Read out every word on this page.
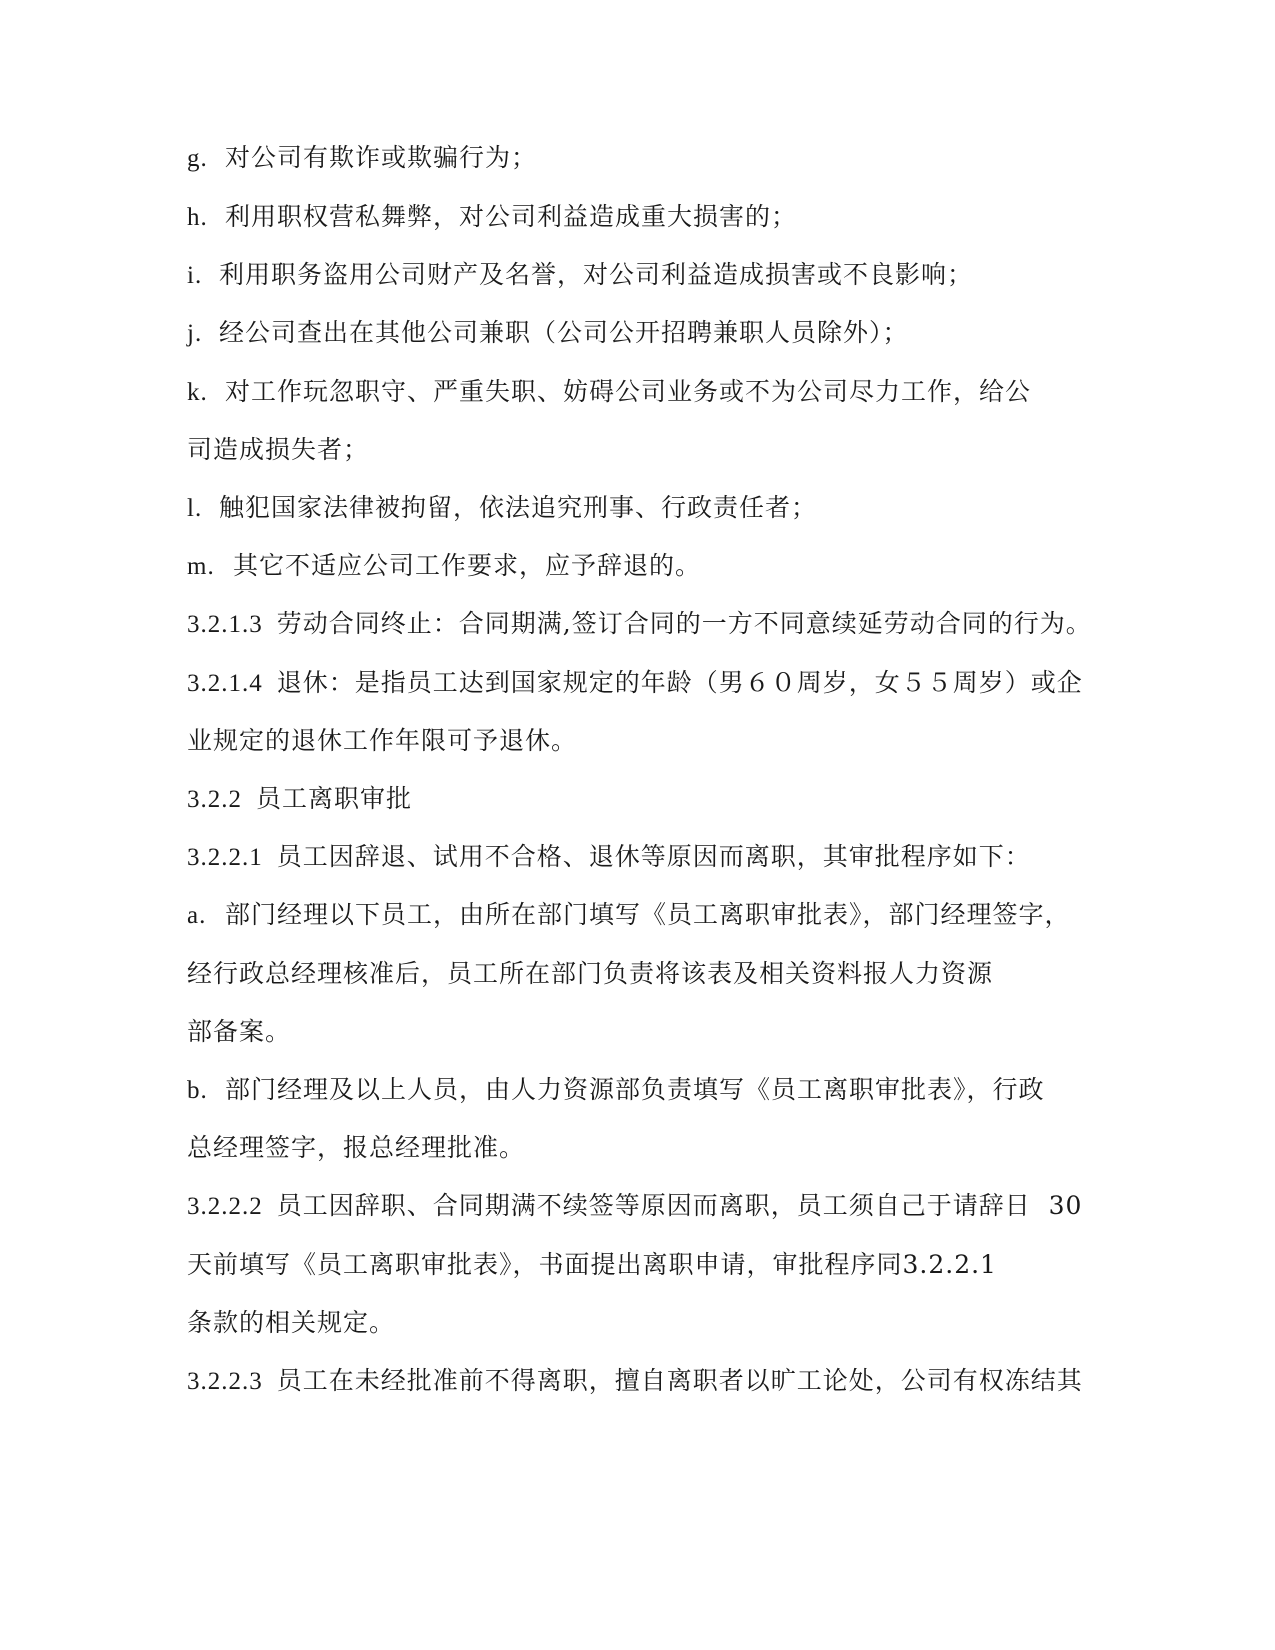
g. 对公司有欺诈或欺骗行为；
h. 利用职权营私舞弊，对公司利益造成重大损害的；
i. 利用职务盗用公司财产及名誉，对公司利益造成损害或不良影响；
j. 经公司查出在其他公司兼职（公司公开招聘兼职人员除外）；
k. 对工作玩忽职守、严重失职、妨碍公司业务或不为公司尽力工作，给公
司造成损失者；
l. 触犯国家法律被拘留，依法追究刑事、行政责任者；
m. 其它不适应公司工作要求，应予辞退的。
3.2.1.3 劳动合同终止：合同期满,签订合同的一方不同意续延劳动合同的行为。
3.2.1.4 退休：是指员工达到国家规定的年龄（男６０周岁，女５５周岁）或企
业规定的退休工作年限可予退休。
3.2.2 员工离职审批
3.2.2.1 员工因辞退、试用不合格、退休等原因而离职，其审批程序如下：
a. 部门经理以下员工，由所在部门填写《员工离职审批表》，部门经理签字，
经行政总经理核准后，员工所在部门负责将该表及相关资料报人力资源
部备案。
b. 部门经理及以上人员，由人力资源部负责填写《员工离职审批表》，行政
总经理签字，报总经理批准。
3.2.2.2 员工因辞职、合同期满不续签等原因而离职，员工须自己于请辞日  30
天前填写《员工离职审批表》，书面提出离职申请，审批程序同3.2.2.1
条款的相关规定。
3.2.2.3 员工在未经批准前不得离职，擅自离职者以旷工论处，公司有权冻结其
